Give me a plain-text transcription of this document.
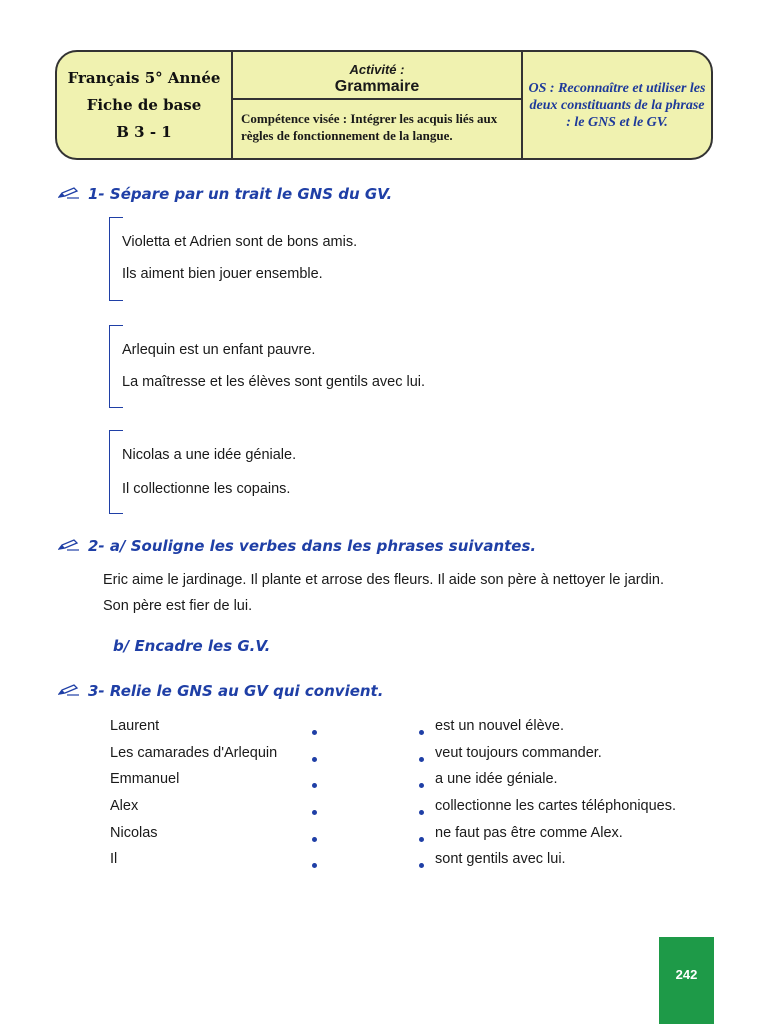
Français 5° Année
Fiche de base
B 3 - 1
Activité :
Grammaire
Compétence visée : Intégrer les acquis liés aux règles de fonctionnement de la langue.
OS : Reconnaître et utiliser les deux constituants de la phrase : le GNS et le GV.
1- Sépare par un trait le GNS du GV.
Violetta et Adrien sont de bons amis.
Ils aiment bien jouer ensemble.
Arlequin est un enfant pauvre.
La maîtresse et les élèves sont gentils avec lui.
Nicolas a une idée géniale.
Il collectionne les copains.
2- a/ Souligne les verbes dans les phrases suivantes.
Eric aime le jardinage. Il plante et arrose des fleurs. Il aide son père à nettoyer le jardin.
Son père est fier de lui.
b/ Encadre les G.V.
3- Relie le GNS au GV qui convient.
Laurent
Les camarades d'Arlequin
Emmanuel
Alex
Nicolas
Il
est un nouvel élève.
veut toujours commander.
a une idée géniale.
collectionne les cartes téléphoniques.
ne faut pas être comme Alex.
sont gentils avec lui.
242
